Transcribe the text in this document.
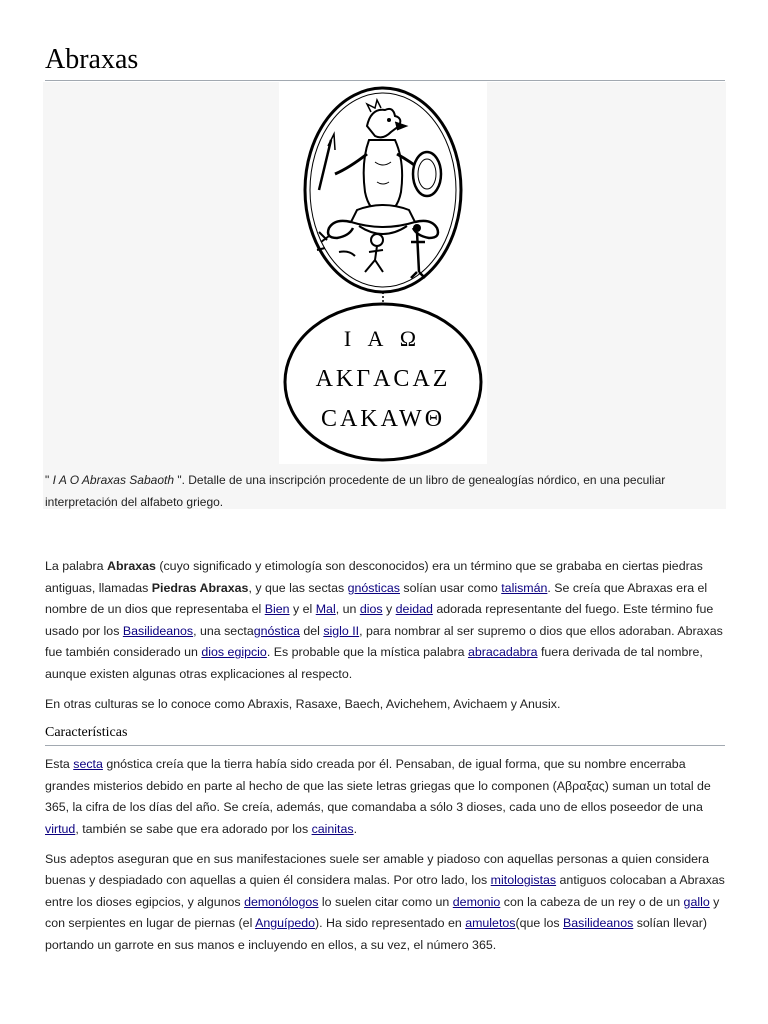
Abraxas
I A Ω
AKΓACAZ
CAKAWΘ
" I A O Abraxas Sabaoth ". Detalle de una inscripción procedente de un libro de genealogías nórdico, en una peculiar interpretación del alfabeto griego.

La palabra Abraxas (cuyo significado y etimología son desconocidos) era un término que se grababa en ciertas piedras antiguas, llamadas Piedras Abraxas, y que las sectas gnósticas solían usar como talismán. Se creía que Abraxas era el nombre de un dios que representaba el Bien y el Mal, un dios y deidad adorada representante del fuego. Este término fue usado por los Basilideanos, una sectagnóstica del siglo II, para nombrar al ser supremo o dios que ellos adoraban. Abraxas fue también considerado un dios egipcio. Es probable que la mística palabra abracadabra fuera derivada de tal nombre, aunque existen algunas otras explicaciones al respecto.

En otras culturas se lo conoce como Abraxis, Rasaxe, Baech, Avichehem, Avichaem y Anusix.

Características

Esta secta gnóstica creía que la tierra había sido creada por él. Pensaban, de igual forma, que su nombre encerraba grandes misterios debido en parte al hecho de que las siete letras griegas que lo componen (Αβραξας) suman un total de 365, la cifra de los días del año. Se creía, además, que comandaba a sólo 3 dioses, cada uno de ellos poseedor de una virtud, también se sabe que era adorado por los cainitas.

Sus adeptos aseguran que en sus manifestaciones suele ser amable y piadoso con aquellas personas a quien considera buenas y despiadado con aquellas a quien él considera malas. Por otro lado, los mitologistas antiguos colocaban a Abraxas entre los dioses egipcios, y algunos demonólogos lo suelen citar como un demonio con la cabeza de un rey o de un gallo y con serpientes en lugar de piernas (el Anguípedo). Ha sido representado en amuletos(que los Basilideanos solían llevar) portando un garrote en sus manos e incluyendo en ellos, a su vez, el número 365.
